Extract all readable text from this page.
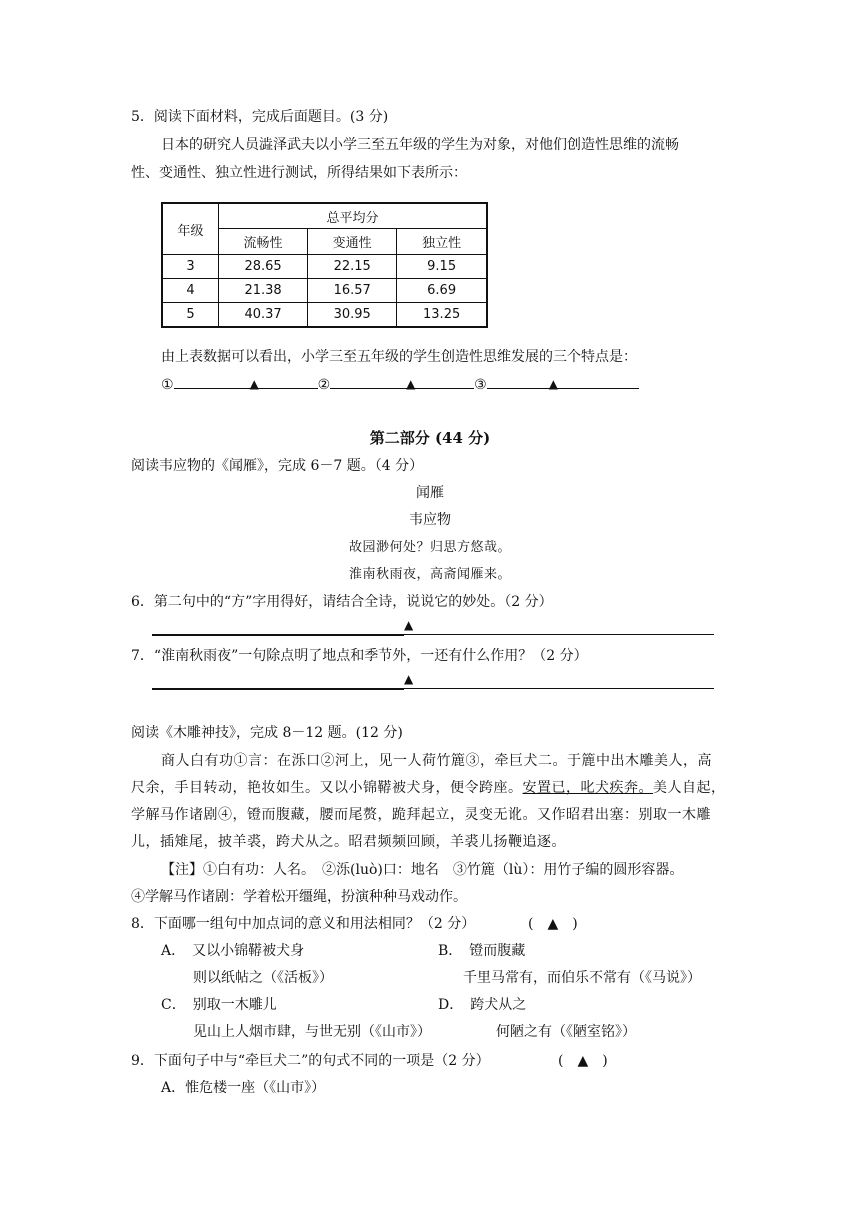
5．阅读下面材料，完成后面题目。(3 分)
日本的研究人员澁泽武夫以小学三至五年级的学生为对象，对他们创造性思维的流畅
性、变通性、独立性进行测试，所得结果如下表所示：
年级	总平均分		
	流畅性	变通性	独立性
3	28.65	22.15	9.15
4	21.38	16.57	6.69
5	40.37	30.95	13.25
由上表数据可以看出，小学三至五年级的学生创造性思维发展的三个特点是：
①	▲	②	▲	③	▲
第二部分 (44 分)
阅读韦应物的《闻雁》，完成 6－7 题。（4 分）
闻雁
韦应物
故园渺何处？归思方悠哉。
淮南秋雨夜，高斋闻雁来。
6．第二句中的“方”字用得好，请结合全诗，说说它的妙处。（2 分）
▲
7．“淮南秋雨夜”一句除点明了地点和季节外，一还有什么作用？（2 分）
▲
阅读《木雕神技》，完成 8－12 题。(12 分)
商人白有功①言：在泺口②河上，见一人荷竹簏③，牵巨犬二。于簏中出木雕美人，高
尺余，手目转动，艳妆如生。又以小锦鞯被犬身，便令跨座。安置已，叱犬疾奔。美人自起，
学解马作诸剧④，镫而腹藏，腰而尾赘，跪拜起立，灵变无讹。又作昭君出塞：别取一木雕
儿，插雉尾，披羊裘，跨犬从之。昭君频频回顾，羊裘儿扬鞭追逐。
【注】①白有功：人名。　②泺(luò)口：地名　③竹簏（lù）：用竹子编的圆形容器。
④学解马作诸剧：学着松开缰绳，扮演种种马戏动作。
8．下面哪一组句中加点词的意义和用法相同？（2 分）	(　▲　)
A．　又以小锦鞯被犬身	B．　镫而腹藏
则以纸帖之（《活板》）	千里马常有，而伯乐不常有（《马说》）
C．　别取一木雕儿	D．　跨犬从之
见山上人烟市肆，与世无别（《山市》）	何陋之有（《陋室铭》）
9．下面句子中与“牵巨犬二”的句式不同的一项是（2 分）	(　▲　)
A．惟危楼一座（《山市》）
